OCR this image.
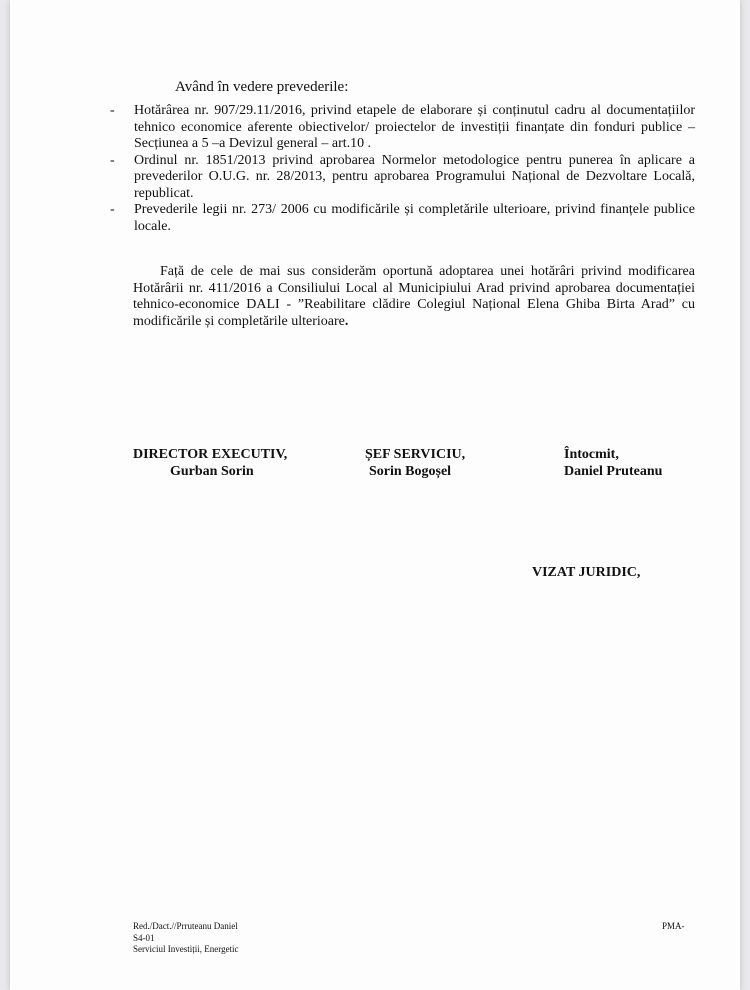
Având în vedere prevederile:
- Hotărârea nr. 907/29.11/2016, privind etapele de elaborare și conținutul cadru al documentațiilor tehnico economice aferente obiectivelor/ proiectelor de investiții finanțate din fonduri publice – Secțiunea a 5 –a Devizul general – art.10 .
- Ordinul nr. 1851/2013 privind aprobarea Normelor metodologice pentru punerea în aplicare a prevederilor O.U.G. nr. 28/2013, pentru aprobarea Programului Național de Dezvoltare Locală, republicat.
- Prevederile legii nr. 273/ 2006 cu modificările și completările ulterioare, privind finanțele publice locale.
Față de cele de mai sus considerăm oportună adoptarea unei hotărâri privind modificarea Hotărârii nr. 411/2016 a Consiliului Local al Municipiului Arad privind aprobarea documentației tehnico-economice DALI - ”Reabilitare clădire Colegiul Național Elena Ghiba Birta Arad” cu modificările și completările ulterioare.
DIRECTOR EXECUTIV,
Gurban Sorin
ȘEF SERVICIU,
Sorin Bogoșel
Întocmit,
Daniel Pruteanu
VIZAT JURIDIC,
Red./Dact.//Prruteanu Daniel
S4-01
Serviciul Investiții, Energetic
PMA-
